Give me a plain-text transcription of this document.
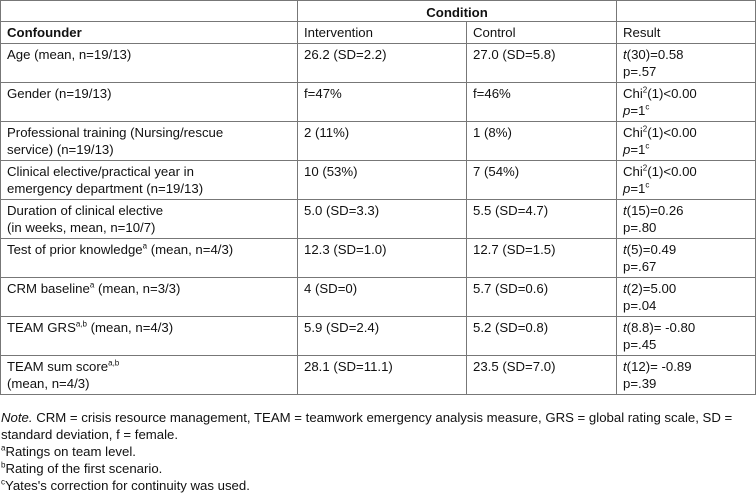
	Condition		
Confounder	Intervention	Control	Result
Age (mean, n=19/13)	26.2 (SD=2.2)	27.0 (SD=5.8)	t(30)=0.58
p=.57
Gender (n=19/13)	f=47%	f=46%	Chi$^2$(1)<0.00
$p=1^c$
Professional training (Nursing/rescue
service) (n=19/13)	2 (11%)	1 (8%)	Chi$^2$(1)<0.00
$p=1^c$
Clinical elective/practical year in
emergency department (n=19/13)	10 (53%)	7 (54%)	Chi$^2$(1)<0.00
$p=1^c$
Duration of clinical elective
(in weeks, mean, n=10/7)	5.0 (SD=3.3)	5.5 (SD=4.7)	t(15)=0.26
p=.80
Test of prior knowledge$^a$ (mean, n=4/3)	12.3 (SD=1.0)	12.7 (SD=1.5)	t(5)=0.49
p=.67
CRM baseline$^a$ (mean, n=3/3)	4 (SD=0)	5.7 (SD=0.6)	t(2)=5.00
p=.04
TEAM GRS$^{a,b}$ (mean, n=4/3)	5.9 (SD=2.4)	5.2 (SD=0.8)	t(8.8)= -0.80
p=.45
TEAM sum score$^{a,b}$
(mean, n=4/3)	28.1 (SD=11.1)	23.5 (SD=7.0)	t(12)= -0.89
p=.39

Note. CRM = crisis resource management, TEAM = teamwork emergency analysis measure, GRS = global rating scale, SD = standard deviation, f = female.

$^a$Ratings on team level.

$^b$Rating of the first scenario.

$^c$Yates's correction for continuity was used.
